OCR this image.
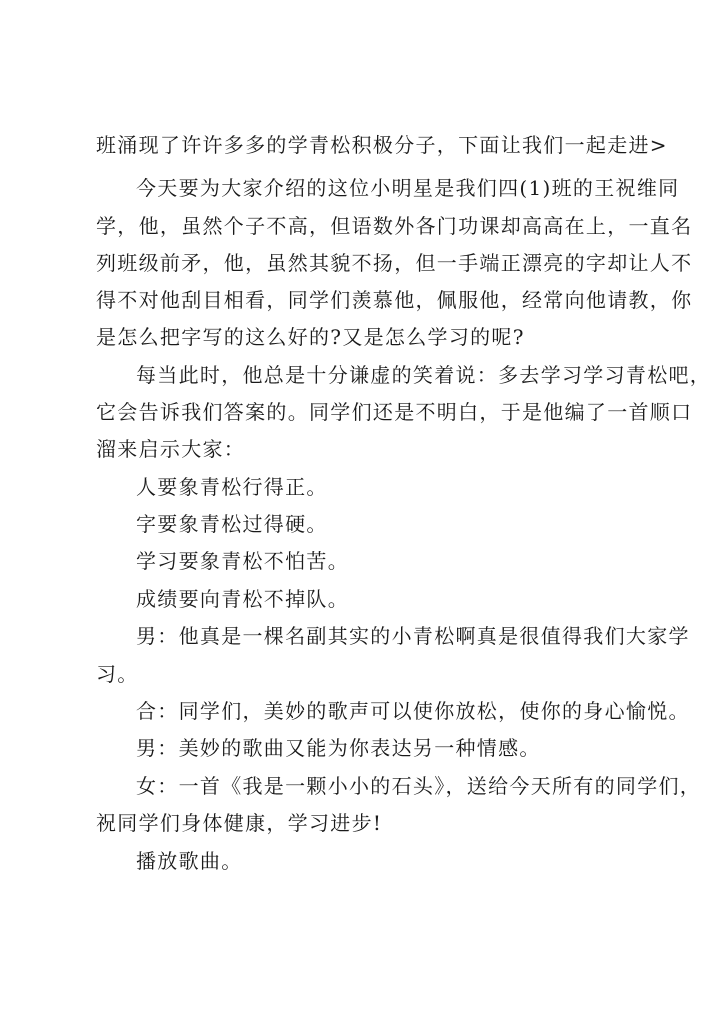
班涌现了许许多多的学青松积极分子，下面让我们一起走进>
今天要为大家介绍的这位小明星是我们四(1)班的王祝维同
学，他，虽然个子不高，但语数外各门功课却高高在上，一直名
列班级前矛，他，虽然其貌不扬，但一手端正漂亮的字却让人不
得不对他刮目相看，同学们羡慕他，佩服他，经常向他请教，你
是怎么把字写的这么好的?又是怎么学习的呢?
每当此时，他总是十分谦虚的笑着说：多去学习学习青松吧，
它会告诉我们答案的。同学们还是不明白，于是他编了一首顺口
溜来启示大家：
人要象青松行得正。
字要象青松过得硬。
学习要象青松不怕苦。
成绩要向青松不掉队。
男：他真是一棵名副其实的小青松啊真是很值得我们大家学
习。
合：同学们，美妙的歌声可以使你放松，使你的身心愉悦。
男：美妙的歌曲又能为你表达另一种情感。
女：一首《我是一颗小小的石头》，送给今天所有的同学们，
祝同学们身体健康，学习进步!
播放歌曲。
